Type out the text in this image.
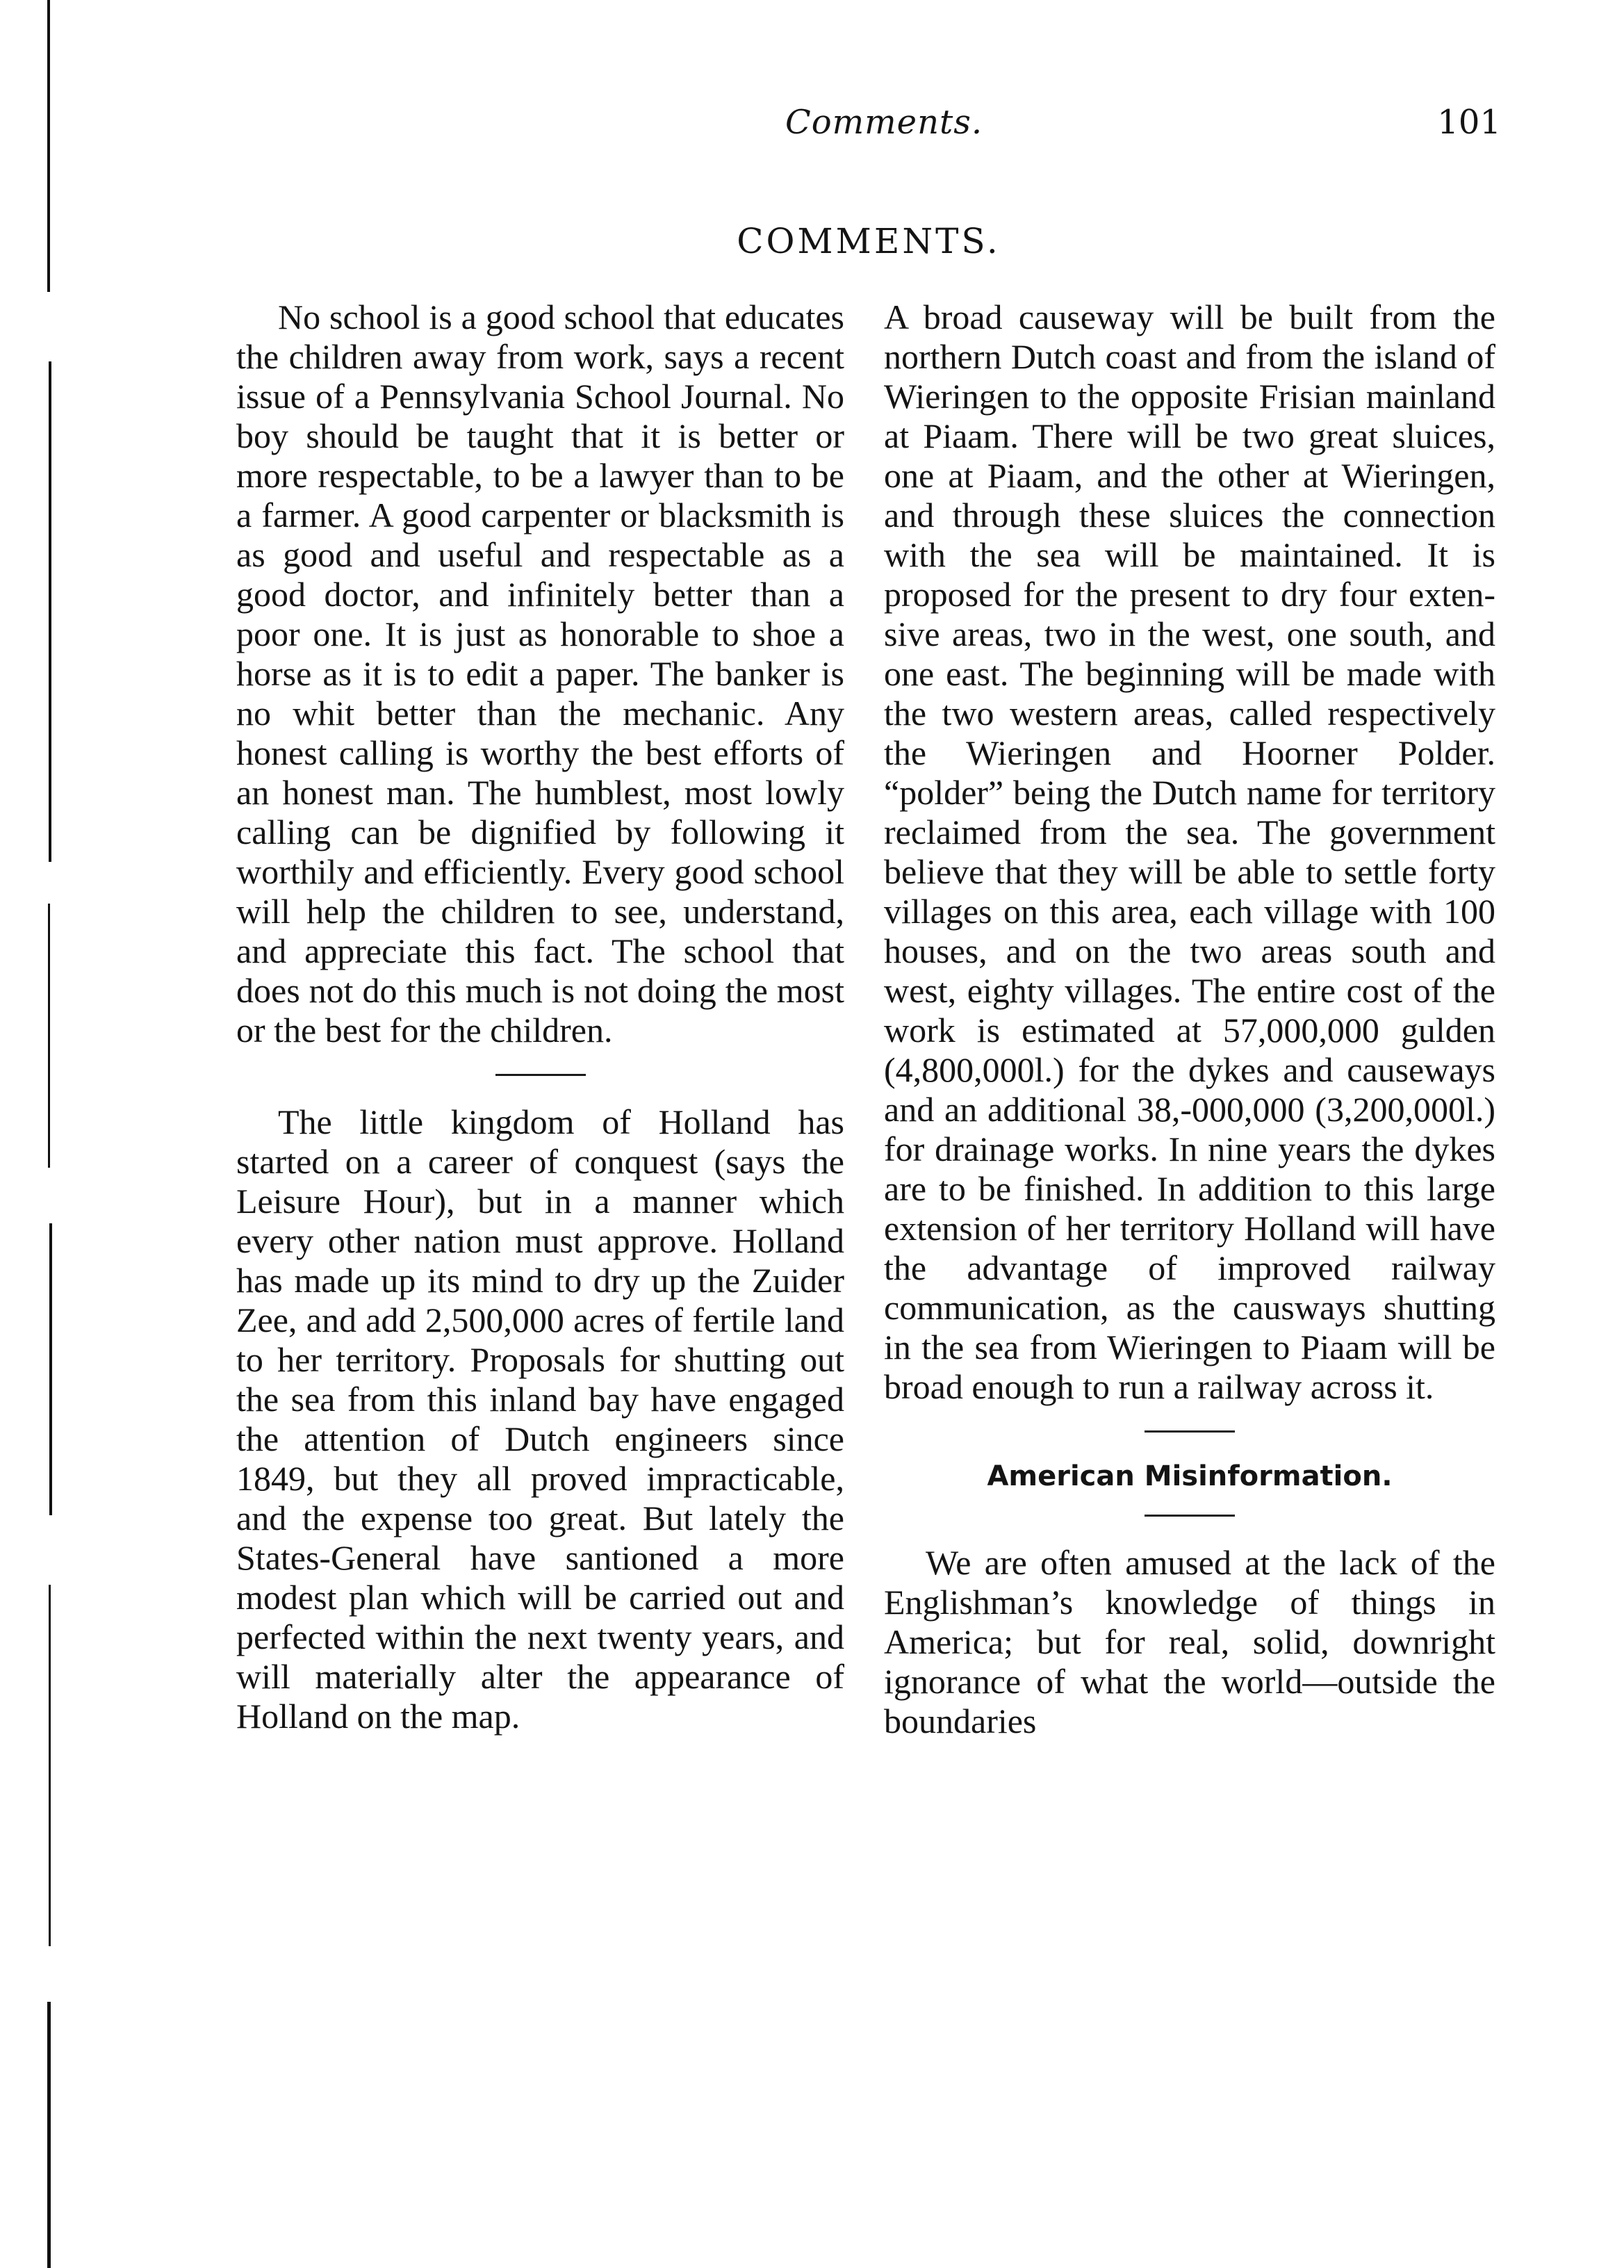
Comments.	101
COMMENTS.

No school is a good school that educates the children away from work, says a recent issue of a Pennsylvania School Journal. No boy should be taught that it is better or more respectable, to be a lawyer than to be a farmer. A good carpenter or blacksmith is as good and useful and respectable as a good doctor, and infinitely better than a poor one. It is just as honorable to shoe a horse as it is to edit a paper. The banker is no whit better than the mechanic. Any honest calling is worthy the best efforts of an honest man. The humblest, most lowly calling can be dignified by following it worthily and efficiently. Every good school will help the children to see, understand, and appreciate this fact. The school that does not do this much is not doing the most or the best for the children.

The little kingdom of Holland has started on a career of conquest (says the Leisure Hour), but in a manner which every other nation must approve. Holland has made up its mind to dry up the Zuider Zee, and add 2,500,000 acres of fertile land to her territory. Proposals for shutting out the sea from this inland bay have engaged the attention of Dutch engineers since 1849, but they all proved impracticable, and the expense too great. But lately the States-General have santioned a more modest plan which will be carried out and perfected within the next twenty years, and will materially alter the appearance of Holland on the map.

A broad causeway will be built from the northern Dutch coast and from the island of Wieringen to the opposite Frisian mainland at Piaam. There will be two great sluices, one at Piaam, and the other at Wieringen, and through these sluices the connection with the sea will be maintained. It is proposed for the present to dry four extensive areas, two in the west, one south, and one east. The beginning will be made with the two western areas, called respectively the Wieringen and Hoorner Polder. “polder” being the Dutch name for territory reclaimed from the sea. The government believe that they will be able to settle forty villages on this area, each village with 100 houses, and on the two areas south and west, eighty villages. The entire cost of the work is estimated at 57,000,000 gulden (4,800,000l.) for the dykes and causeways and an additional 38,-000,000 (3,200,000l.) for drainage works. In nine years the dykes are to be finished. In addition to this large extension of her territory Holland will have the advantage of improved railway communication, as the causways shutting in the sea from Wieringen to Piaam will be broad enough to run a railway across it.

American Misinformation.

We are often amused at the lack of the Englishman’s knowledge of things in America; but for real, solid, downright ignorance of what the world—outside the boundaries
